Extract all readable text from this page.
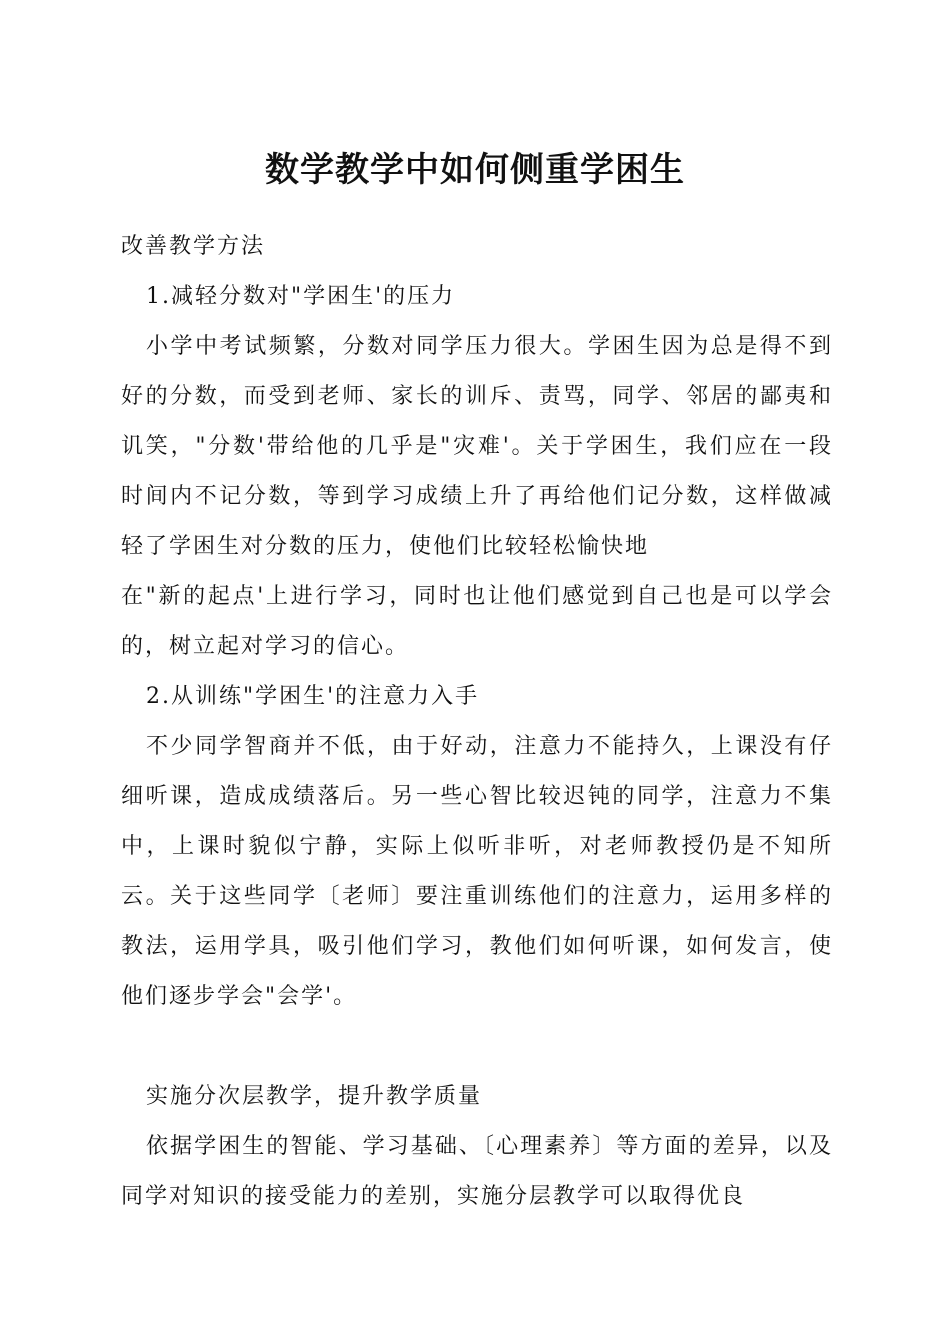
数学教学中如何侧重学困生

改善教学方法

1.减轻分数对"学困生'的压力

小学中考试频繁，分数对同学压力很大。学困生因为总是得不到好的分数，而受到老师、家长的训斥、责骂，同学、邻居的鄙夷和讥笑，"分数'带给他的几乎是"灾难'。关于学困生，我们应在一段时间内不记分数，等到学习成绩上升了再给他们记分数，这样做减轻了学困生对分数的压力，使他们比较轻松愉快地

在"新的起点'上进行学习，同时也让他们感觉到自己也是可以学会的，树立起对学习的信心。

2.从训练"学困生'的注意力入手

不少同学智商并不低，由于好动，注意力不能持久，上课没有仔细听课，造成成绩落后。另一些心智比较迟钝的同学，注意力不集中，上课时貌似宁静，实际上似听非听，对老师教授仍是不知所云。关于这些同学〔老师〕要注重训练他们的注意力，运用多样的教法，运用学具，吸引他们学习，教他们如何听课，如何发言，使他们逐步学会"会学'。

实施分次层教学，提升教学质量

依据学困生的智能、学习基础、〔心理素养〕等方面的差异，以及同学对知识的接受能力的差别，实施分层教学可以取得优良
